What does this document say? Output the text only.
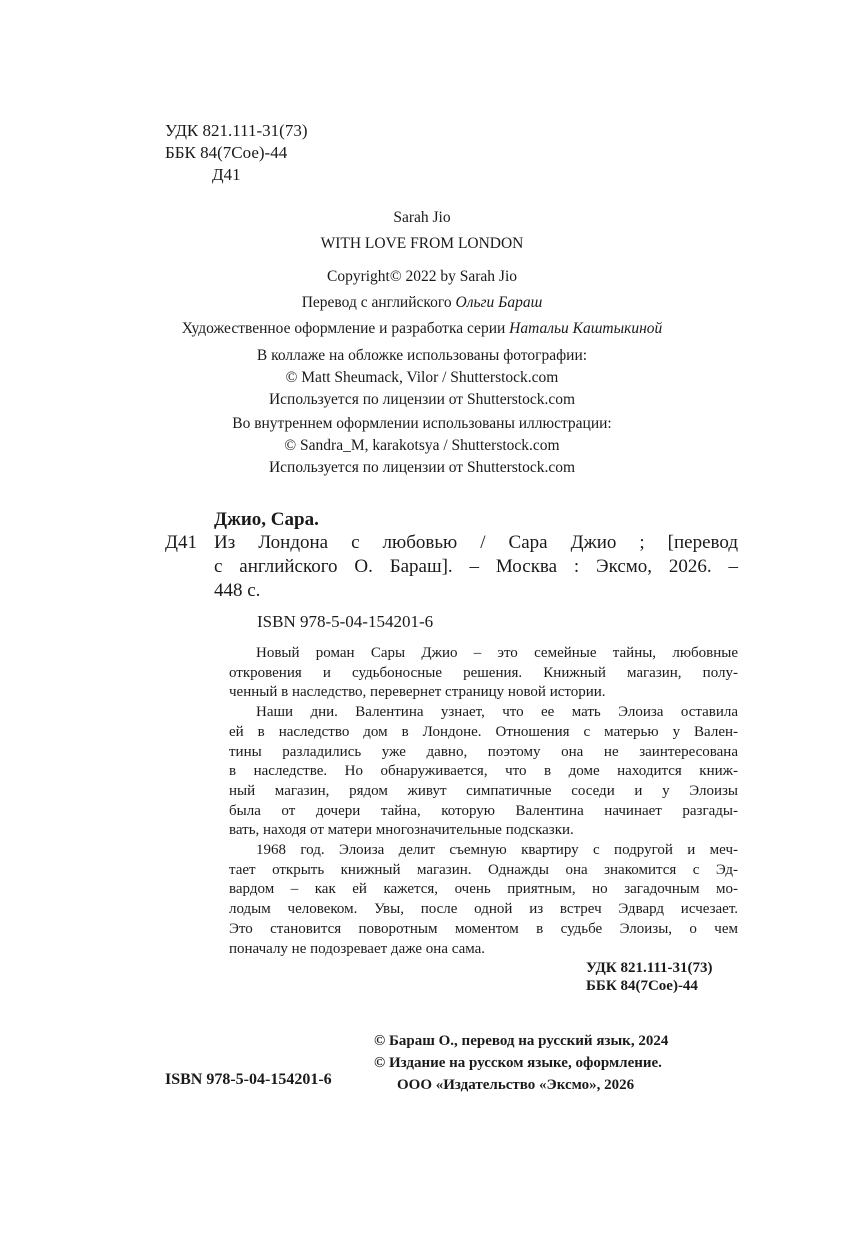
УДК 821.111-31(73)
ББК 84(7Сое)-44
Д41
Sarah Jio
WITH LOVE FROM LONDON
Copyright© 2022 by Sarah Jio
Перевод с английского Ольги Бараш
Художественное оформление и разработка серии Натальи Каштыкиной
В коллаже на обложке использованы фотографии:
© Matt Sheumack, Vilor / Shutterstock.com
Используется по лицензии от Shutterstock.com
Во внутреннем оформлении использованы иллюстрации:
© Sandra_M, karakotsya / Shutterstock.com
Используется по лицензии от Shutterstock.com
Джио, Сара.
Д41 Из Лондона с любовью / Сара Джио ; [перевод
с английского О. Бараш]. – Москва : Эксмо, 2026. –
448 с.
ISBN 978-5-04-154201-6
Новый роман Сары Джио – это семейные тайны, любовные
откровения и судьбоносные решения. Книжный магазин, полу-
ченный в наследство, перевернет страницу новой истории.
Наши дни. Валентина узнает, что ее мать Элоиза оставила
ей в наследство дом в Лондоне. Отношения с матерью у Вален-
тины разладились уже давно, поэтому она не заинтересована
в наследстве. Но обнаруживается, что в доме находится книж-
ный магазин, рядом живут симпатичные соседи и у Элоизы
была от дочери тайна, которую Валентина начинает разгады-
вать, находя от матери многозначительные подсказки.
1968 год. Элоиза делит съемную квартиру с подругой и меч-
тает открыть книжный магазин. Однажды она знакомится с Эд-
вардом – как ей кажется, очень приятным, но загадочным мо-
лодым человеком. Увы, после одной из встреч Эдвард исчезает.
Это становится поворотным моментом в судьбе Элоизы, о чем
поначалу не подозревает даже она сама.
УДК 821.111-31(73)
ББК 84(7Сое)-44
© Бараш О., перевод на русский язык, 2024
© Издание на русском языке, оформление.
ООО «Издательство «Эксмо», 2026
ISBN 978-5-04-154201-6
